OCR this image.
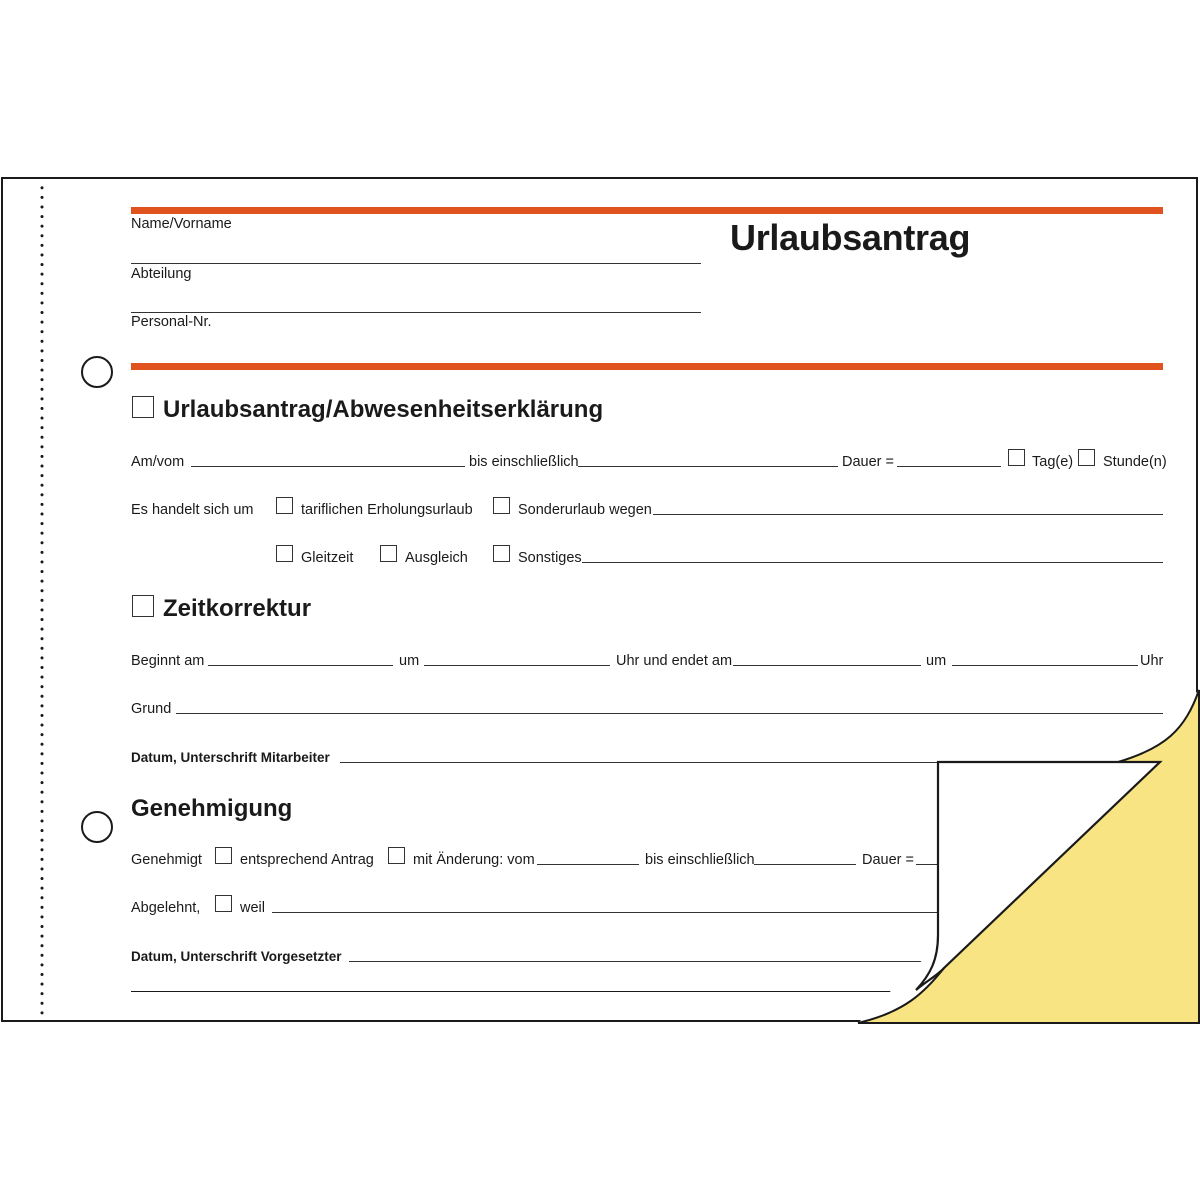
Urlaubsantrag
Name/Vorname
Abteilung
Personal-Nr.
Urlaubsantrag/Abwesenheitserklärung
Am/vom	bis einschließlich	Dauer =	Tag(e) Stunde(n)
Es handelt sich um	tariflichen Erholungsurlaub	Sonderurlaub wegen
Gleitzeit	Ausgleich	Sonstiges
Zeitkorrektur
Beginnt am	um	Uhr und endet am	um	Uhr
Grund
Datum, Unterschrift Mitarbeiter
Genehmigung
Genehmigt	entsprechend Antrag	mit Änderung: vom	bis einschließlich	Dauer =
Abgelehnt,	weil
Datum, Unterschrift Vorgesetzter
